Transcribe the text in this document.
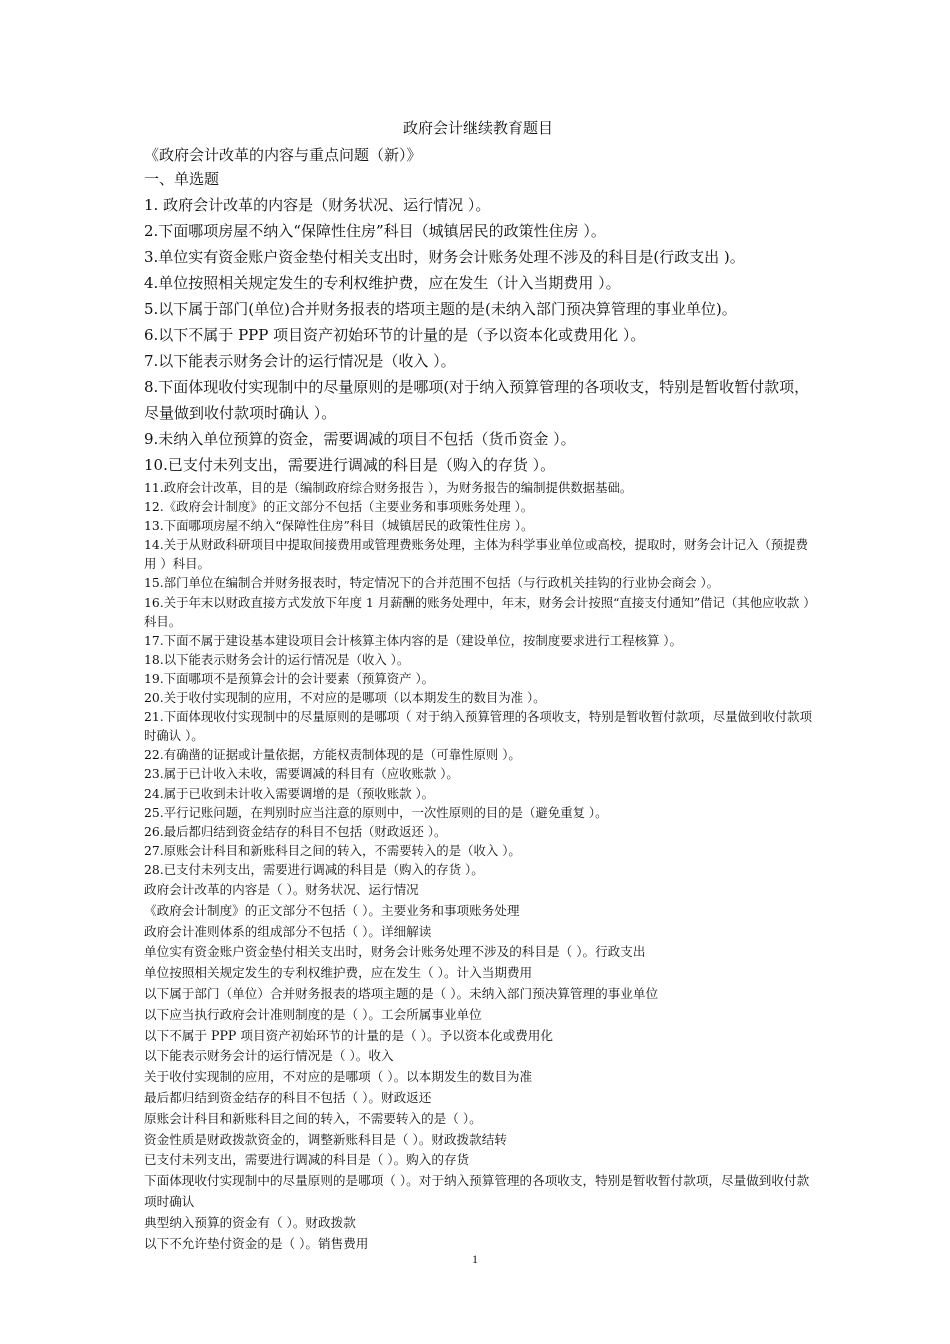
政府会计继续教育题目

《政府会计改革的内容与重点问题（新）》

一、单选题

1. 政府会计改革的内容是（财务状况、运行情况 ）。

2.下面哪项房屋不纳入“保障性住房”科目（城镇居民的政策性住房 ）。

3.单位实有资金账户资金垫付相关支出时，财务会计账务处理不涉及的科目是(行政支出 )。

4.单位按照相关规定发生的专利权维护费，应在发生（计入当期费用 ）。

5.以下属于部门(单位)合并财务报表的塔项主题的是(未纳入部门预决算管理的事业单位)。

6.以下不属于 PPP 项目资产初始环节的计量的是（予以资本化或费用化 ）。

7.以下能表示财务会计的运行情况是（收入 ）。

8.下面体现收付实现制中的尽量原则的是哪项(对于纳入预算管理的各项收支，特别是暂收暂付款项，尽量做到收付款项时确认 ）。

9.未纳入单位预算的资金，需要调减的项目不包括（货币资金 ）。

10.已支付未列支出，需要进行调减的科目是（购入的存货 ）。

11.政府会计改革，目的是（编制政府综合财务报告 ），为财务报告的编制提供数据基础。

12.《政府会计制度》的正文部分不包括（主要业务和事项账务处理 ）。

13.下面哪项房屋不纳入“保障性住房”科目（城镇居民的政策性住房 ）。

14.关于从财政科研项目中提取间接费用或管理费账务处理，主体为科学事业单位或高校，提取时，财务会计记入（预提费用 ）科目。

15.部门单位在编制合并财务报表时，特定情况下的合并范围不包括（与行政机关挂钩的行业协会商会 ）。

16.关于年末以财政直接方式发放下年度 1 月薪酬的账务处理中，年末，财务会计按照“直接支付通知”借记（其他应收款 ）科目。

17.下面不属于建设基本建设项目会计核算主体内容的是（建设单位，按制度要求进行工程核算 ）。

18.以下能表示财务会计的运行情况是（收入 ）。

19.下面哪项不是预算会计的会计要素（预算资产 ）。

20.关于收付实现制的应用，不对应的是哪项（以本期发生的数目为准 ）。

21.下面体现收付实现制中的尽量原则的是哪项（ 对于纳入预算管理的各项收支，特别是暂收暂付款项，尽量做到收付款项时确认 ）。

22.有确凿的证据或计量依据，方能权责制体现的是（可靠性原则 ）。

23.属于已计收入未收，需要调减的科目有（应收账款 ）。

24.属于已收到未计收入需要调增的是（预收账款 ）。

25.平行记账问题，在判别时应当注意的原则中，一次性原则的目的是（避免重复 ）。

26.最后都归结到资金结存的科目不包括（财政返还 ）。

27.原账会计科目和新账科目之间的转入，不需要转入的是（收入 ）。

28.已支付未列支出，需要进行调减的科目是（购入的存货 ）。

政府会计改革的内容是（ ）。财务状况、运行情况

《政府会计制度》的正文部分不包括（ ）。主要业务和事项账务处理

政府会计准则体系的组成部分不包括（ ）。详细解读

单位实有资金账户资金垫付相关支出时，财务会计账务处理不涉及的科目是（ ）。行政支出

单位按照相关规定发生的专利权维护费，应在发生（ ）。计入当期费用

以下属于部门（单位）合并财务报表的塔项主题的是（ ）。未纳入部门预决算管理的事业单位

以下应当执行政府会计准则制度的是（ ）。工会所属事业单位

以下不属于 PPP 项目资产初始环节的计量的是（ ）。予以资本化或费用化

以下能表示财务会计的运行情况是（ ）。收入

关于收付实现制的应用，不对应的是哪项（ ）。以本期发生的数目为准

最后都归结到资金结存的科目不包括（ ）。财政返还

原账会计科目和新账科目之间的转入，不需要转入的是（ ）。

资金性质是财政拨款资金的，调整新账科目是（ ）。财政拨款结转

已支付未列支出，需要进行调减的科目是（ ）。购入的存货

下面体现收付实现制中的尽量原则的是哪项（ ）。对于纳入预算管理的各项收支，特别是暂收暂付款项，尽量做到收付款项时确认

典型纳入预算的资金有（ ）。财政拨款

以下不允许垫付资金的是（ ）。销售费用

1
